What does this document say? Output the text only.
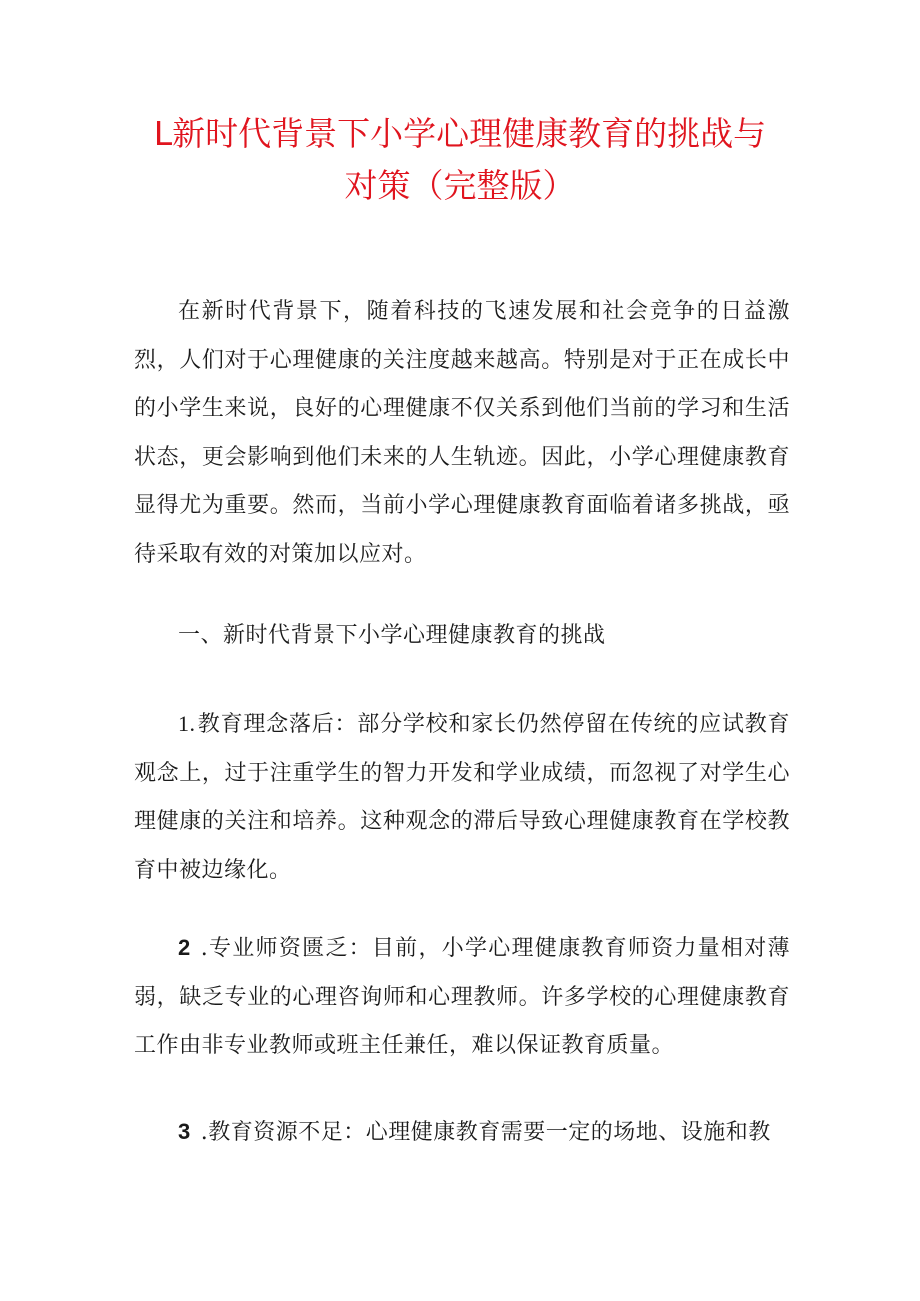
L新时代背景下小学心理健康教育的挑战与
对策（完整版）

在新时代背景下，随着科技的飞速发展和社会竞争的日益激烈，人们对于心理健康的关注度越来越高。特别是对于正在成长中的小学生来说，良好的心理健康不仅关系到他们当前的学习和生活状态，更会影响到他们未来的人生轨迹。因此，小学心理健康教育显得尤为重要。然而，当前小学心理健康教育面临着诸多挑战，亟待采取有效的对策加以应对。

一、新时代背景下小学心理健康教育的挑战

1.教育理念落后：部分学校和家长仍然停留在传统的应试教育观念上，过于注重学生的智力开发和学业成绩，而忽视了对学生心理健康的关注和培养。这种观念的滞后导致心理健康教育在学校教育中被边缘化。

2 .专业师资匮乏：目前，小学心理健康教育师资力量相对薄弱，缺乏专业的心理咨询师和心理教师。许多学校的心理健康教育工作由非专业教师或班主任兼任，难以保证教育质量。

3 .教育资源不足：心理健康教育需要一定的场地、设施和教
